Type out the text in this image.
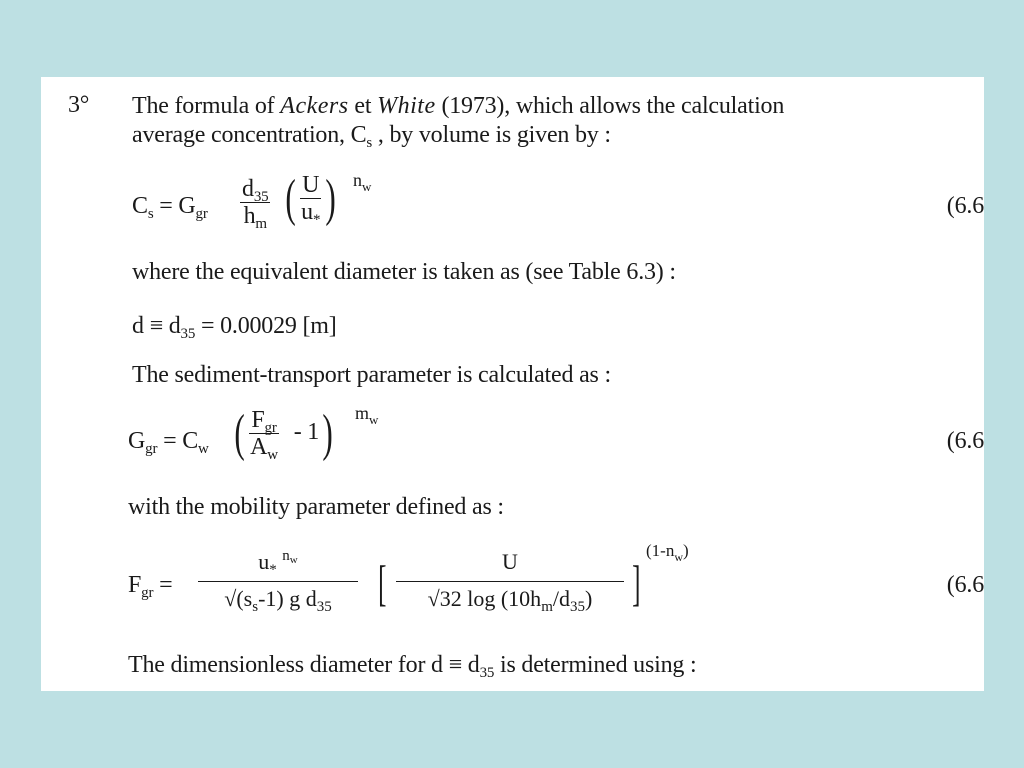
3° The formula of Ackers et White (1973), which allows the calculation
average concentration, $C_s$ , by volume is given by :
$C_s = G_{gr} \frac{d_{35}}{h_m}$ ( $\frac{U}{u_*}$ ) $n_w$
(6.6
where the equivalent diameter is taken as (see Table 6.3) :
$d \equiv d_{35} = 0.00029$ [m]
The sediment-transport parameter is calculated as :
$G_{gr} = C_w$ ( $\frac{F_{gr}}{A_w} - 1$) $m_w$
(6.6
with the mobility parameter defined as :
$F_{gr}$ =
$u_*$ $^{n_w}$
$√(s_s-1)$ g $d_{35}$ [	U
√32 $\log (10h_m/d_{35})$ ]
$(1-n_w)$
(6.6
The dimensionless diameter for $d \equiv d_{35}$ is determined using :
